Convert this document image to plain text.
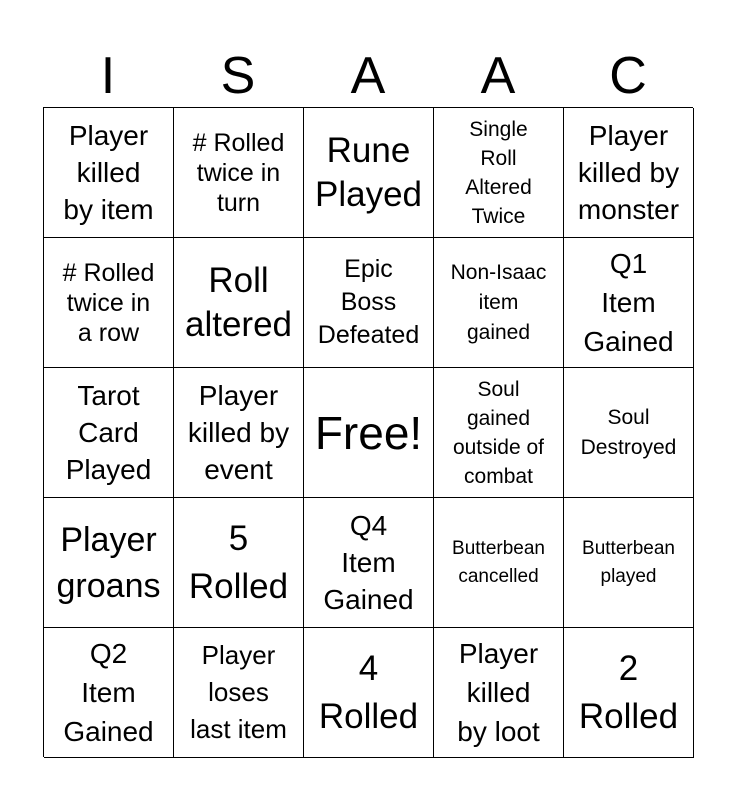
I	S	A	A	C
Player
killed
by item
# Rolled
twice in
turn
Rune
Played
Single
Roll
Altered
Twice
Player
killed by
monster
# Rolled
twice in
a row
Roll
altered
Epic
Boss
Defeated
Non-Isaac
item
gained
Q1
Item
Gained
Tarot
Card
Played
Player
killed by
event
Free!
Soul
gained
outside of
combat
Soul
Destroyed
Player
groans
5
Rolled
Q4
Item
Gained
Butterbean
cancelled
Butterbean
played
Q2
Item
Gained
Player
loses
last item
4
Rolled
Player
killed
by loot
2
Rolled
